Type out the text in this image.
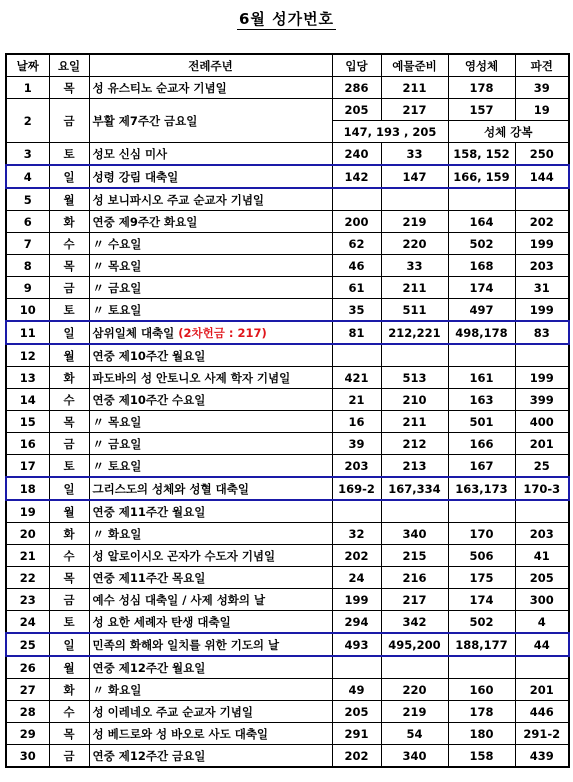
6월 성가번호
날짜	요일	전례주년	입당	예물준비	영성체	파견
1	목	성 유스티노 순교자 기념일	286	211	178	39
2	금	부활 제7주간 금요일	205	217	157	19
			147, 193 , 205		성체 강복	
3	토	성모 신심 미사	240	33	158, 152	250
4	일	성령 강림 대축일	142	147	166, 159	144
5	월	성 보니파시오 주교 순교자 기념일				
6	화	연중 제9주간 화요일	200	219	164	202
7	수	〃 수요일	62	220	502	199
8	목	〃 목요일	46	33	168	203
9	금	〃 금요일	61	211	174	31
10	토	〃 토요일	35	511	497	199
11	일	삼위일체 대축일 (2차헌금 : 217)	81	212,221	498,178	83
12	월	연중 제10주간 월요일				
13	화	파도바의 성 안토니오 사제 학자 기념일	421	513	161	199
14	수	연중 제10주간 수요일	21	210	163	399
15	목	〃 목요일	16	211	501	400
16	금	〃 금요일	39	212	166	201
17	토	〃 토요일	203	213	167	25
18	일	그리스도의 성체와 성혈 대축일	169-2	167,334	163,173	170-3
19	월	연중 제11주간 월요일				
20	화	〃 화요일	32	340	170	203
21	수	성 알로이시오 곤자가 수도자 기념일	202	215	506	41
22	목	연중 제11주간 목요일	24	216	175	205
23	금	예수 성심 대축일 / 사제 성화의 날	199	217	174	300
24	토	성 요한 세례자 탄생 대축일	294	342	502	4
25	일	민족의 화해와 일치를 위한 기도의 날	493	495,200	188,177	44
26	월	연중 제12주간 월요일				
27	화	〃 화요일	49	220	160	201
28	수	성 이레네오 주교 순교자 기념일	205	219	178	446
29	목	성 베드로와 성 바오로 사도 대축일	291	54	180	291-2
30	금	연중 제12주간 금요일	202	340	158	439
